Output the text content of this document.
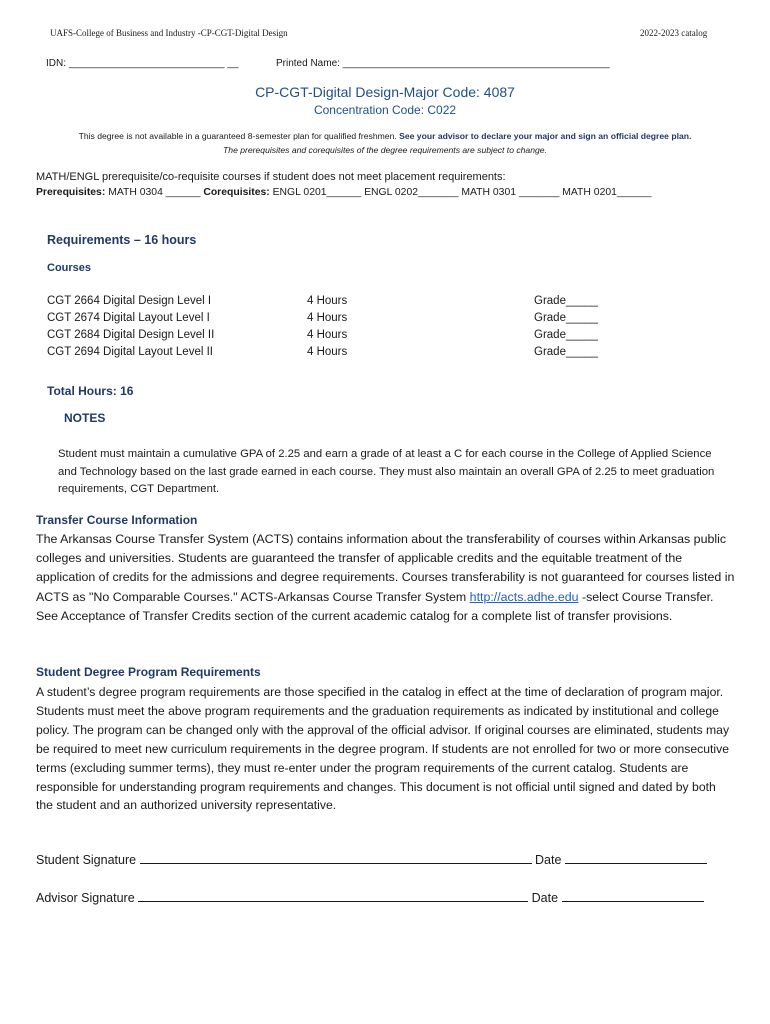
UAFS-College of Business and Industry -CP-CGT-Digital Design	2022-2023 catalog
IDN: ____________________________ __	Printed Name: ________________________________________________
CP-CGT-Digital Design-Major Code: 4087
Concentration Code: C022
This degree is not available in a guaranteed 8-semester plan for qualified freshmen. See your advisor to declare your major and sign an official degree plan.
The prerequisites and corequisites of the degree requirements are subject to change.
MATH/ENGL prerequisite/co-requisite courses if student does not meet placement requirements:
Prerequisites: MATH 0304 ______ Corequisites: ENGL 0201______ ENGL 0202_______ MATH 0301 _______ MATH 0201______
Requirements – 16 hours
Courses
CGT 2664 Digital Design Level I	4 Hours	Grade_____
CGT 2674 Digital Layout Level I	4 Hours	Grade_____
CGT 2684 Digital Design Level II	4 Hours	Grade_____
CGT 2694 Digital Layout Level II	4 Hours	Grade_____
Total Hours: 16
NOTES
Student must maintain a cumulative GPA of 2.25 and earn a grade of at least a C for each course in the College of Applied Science and Technology based on the last grade earned in each course. They must also maintain an overall GPA of 2.25 to meet graduation requirements, CGT Department.
Transfer Course Information
The Arkansas Course Transfer System (ACTS) contains information about the transferability of courses within Arkansas public colleges and universities. Students are guaranteed the transfer of applicable credits and the equitable treatment of the application of credits for the admissions and degree requirements. Courses transferability is not guaranteed for courses listed in ACTS as "No Comparable Courses." ACTS-Arkansas Course Transfer System http://acts.adhe.edu -select Course Transfer. See Acceptance of Transfer Credits section of the current academic catalog for a complete list of transfer provisions.
Student Degree Program Requirements
A student’s degree program requirements are those specified in the catalog in effect at the time of declaration of program major. Students must meet the above program requirements and the graduation requirements as indicated by institutional and college policy. The program can be changed only with the approval of the official advisor. If original courses are eliminated, students may be required to meet new curriculum requirements in the degree program. If students are not enrolled for two or more consecutive terms (excluding summer terms), they must re-enter under the program requirements of the current catalog. Students are responsible for understanding program requirements and changes. This document is not official until signed and dated by both the student and an authorized university representative.
Student Signature	Date
Advisor Signature	Date
